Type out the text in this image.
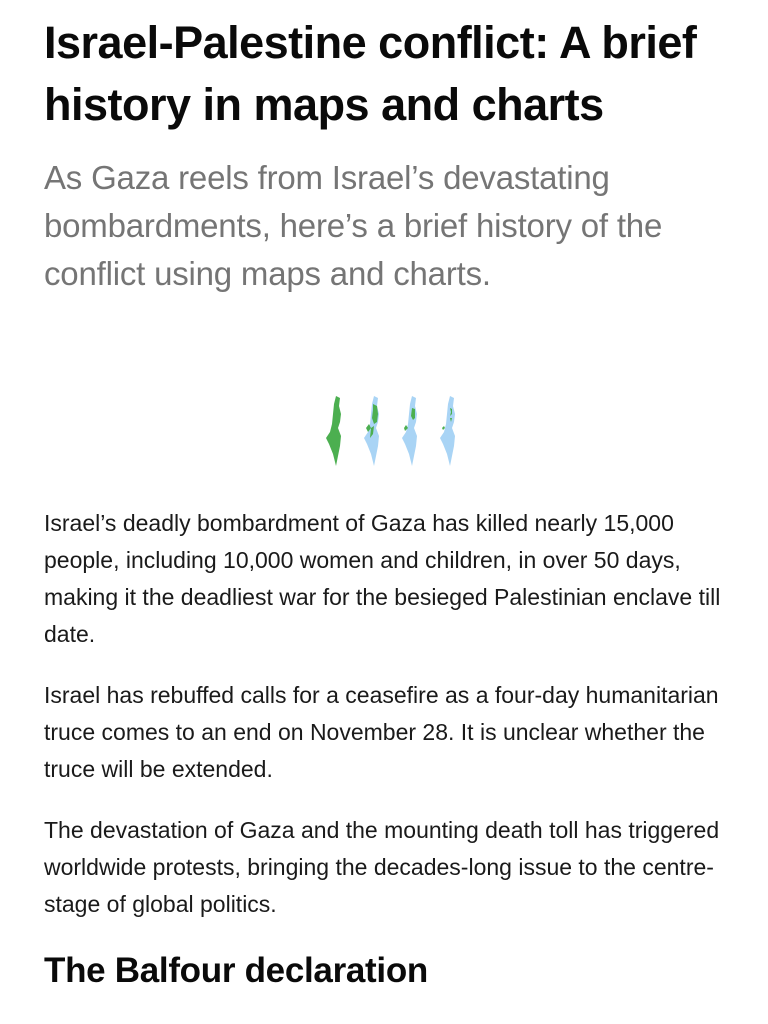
Israel-Palestine conflict: A brief history in maps and charts

As Gaza reels from Israel’s devastating bombardments, here’s a brief history of the conflict using maps and charts.

Israel’s deadly bombardment of Gaza has killed nearly 15,000 people, including 10,000 women and children, in over 50 days, making it the deadliest war for the besieged Palestinian enclave till date.

Israel has rebuffed calls for a ceasefire as a four-day humanitarian truce comes to an end on November 28. It is unclear whether the truce will be extended.

The devastation of Gaza and the mounting death toll has triggered worldwide protests, bringing the decades-long issue to the centre-stage of global politics.

The Balfour declaration
